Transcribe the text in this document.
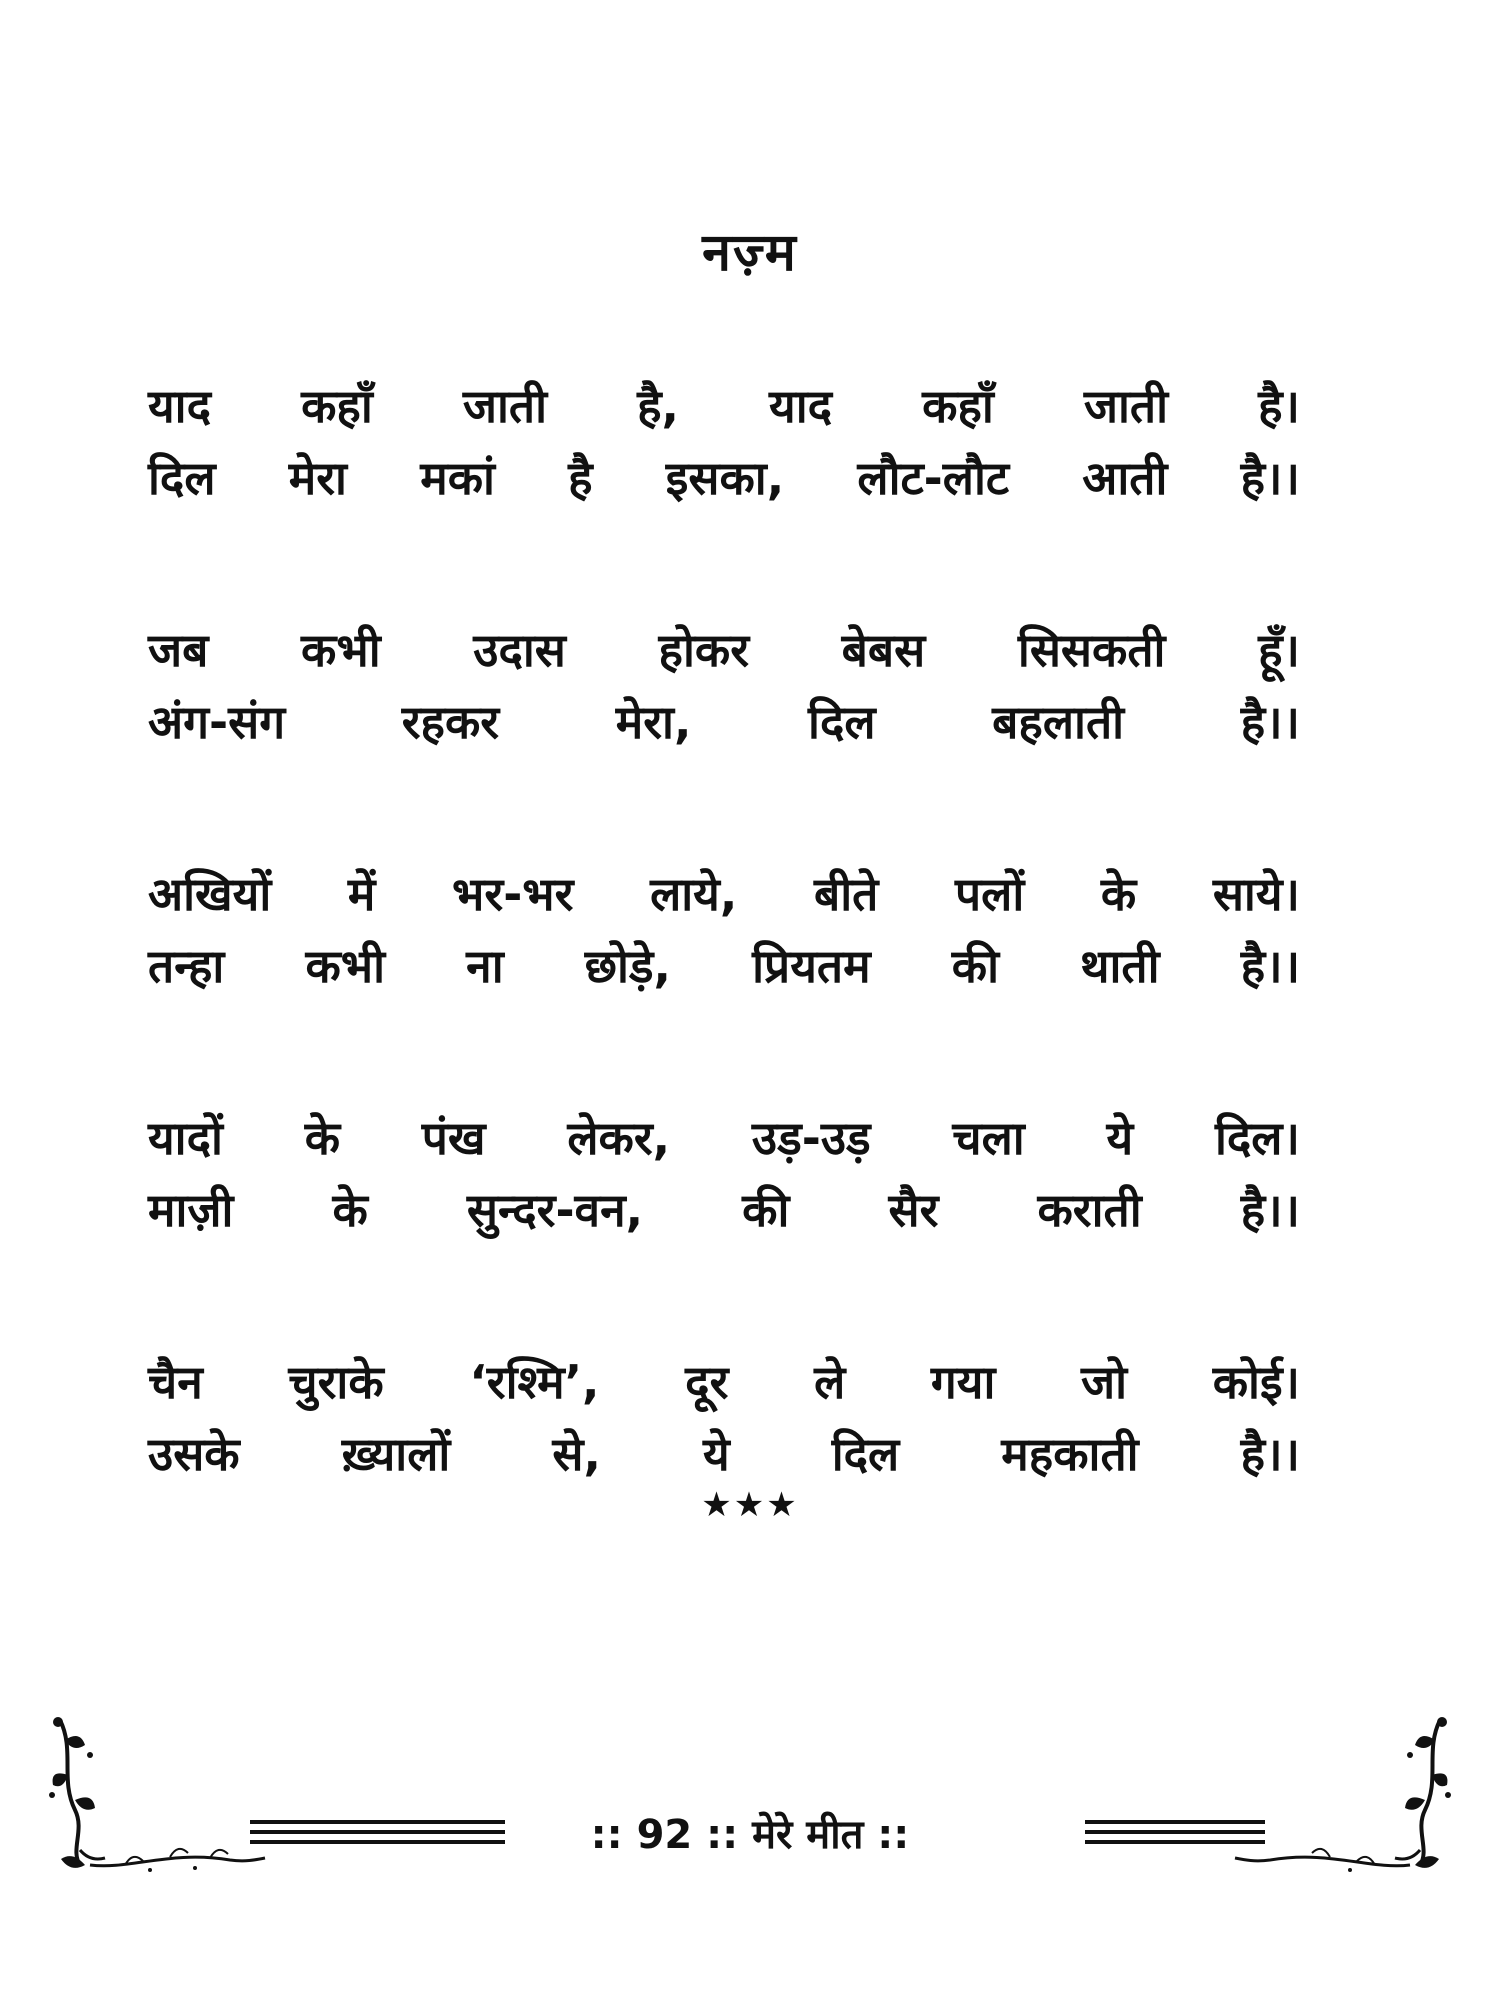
नज़्म
याद कहाँ जाती है, याद कहाँ जाती है।
दिल मेरा मकां है इसका, लौट-लौट आती है।।
जब कभी उदास होकर बेबस सिसकती हूँ।
अंग-संग	रहकर	मेरा,	दिल	बहलाती	है।।
अखियों में भर-भर लाये, बीते पलों के साये।
तन्हा कभी ना छोड़े, प्रियतम की थाती है।।
यादों के पंख लेकर, उड़-उड़ चला ये दिल।
माज़ी के सुन्दर-वन, की सैर कराती है।।
चैन चुराके ‘रश्मि’, दूर ले गया जो कोई।
उसके ख़्यालों से, ये दिल महकाती है।।
★★★
:: 92 :: मेरे मीत ::
